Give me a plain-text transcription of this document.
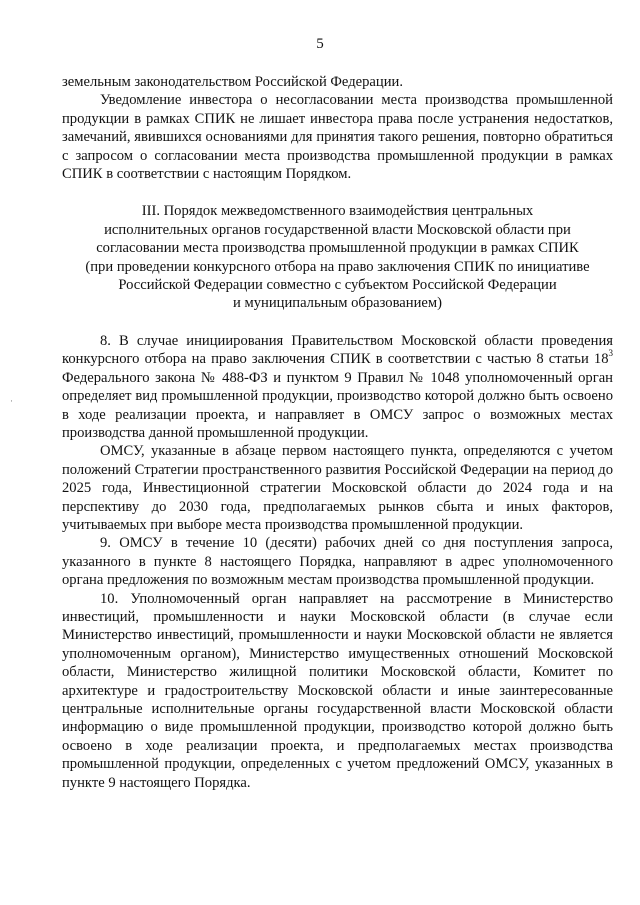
5
·

земельным законодательством Российской Федерации.

Уведомление инвестора о несогласовании места производства промышленной продукции в рамках СПИК не лишает инвестора права после устранения недостатков, замечаний, явившихся основаниями для принятия такого решения, повторно обратиться с запросом о согласовании места производства промышленной продукции в рамках СПИК в соответствии с настоящим Порядком.

III. Порядок межведомственного взаимодействия центральных
исполнительных органов государственной власти Московской области при
согласовании места производства промышленной продукции в рамках СПИК
(при проведении конкурсного отбора на право заключения СПИК по инициативе
Российской Федерации совместно с субъектом Российской Федерации
и муниципальным образованием)

8. В случае инициирования Правительством Московской области проведения конкурсного отбора на право заключения СПИК в соответствии с частью 8 статьи $18^3$ Федерального закона № 488-ФЗ и пунктом 9 Правил № 1048 уполномоченный орган определяет вид промышленной продукции, производство которой должно быть освоено в ходе реализации проекта, и направляет в ОМСУ запрос о возможных местах производства данной промышленной продукции.

ОМСУ, указанные в абзаце первом настоящего пункта, определяются с учетом положений Стратегии пространственного развития Российской Федерации на период до 2025 года, Инвестиционной стратегии Московской области до 2024 года и на перспективу до 2030 года, предполагаемых рынков сбыта и иных факторов, учитываемых при выборе места производства промышленной продукции.

9. ОМСУ в течение 10 (десяти) рабочих дней со дня поступления запроса, указанного в пункте 8 настоящего Порядка, направляют в адрес уполномоченного органа предложения по возможным местам производства промышленной продукции.

10. Уполномоченный орган направляет на рассмотрение в Министерство инвестиций, промышленности и науки Московской области (в случае если Министерство инвестиций, промышленности и науки Московской области не является уполномоченным органом), Министерство имущественных отношений Московской области, Министерство жилищной политики Московской области, Комитет по архитектуре и градостроительству Московской области и иные заинтересованные центральные исполнительные органы государственной власти Московской области информацию о виде промышленной продукции, производство которой должно быть освоено в ходе реализации проекта, и предполагаемых местах производства промышленной продукции, определенных с учетом предложений ОМСУ, указанных в пункте 9 настоящего Порядка.
